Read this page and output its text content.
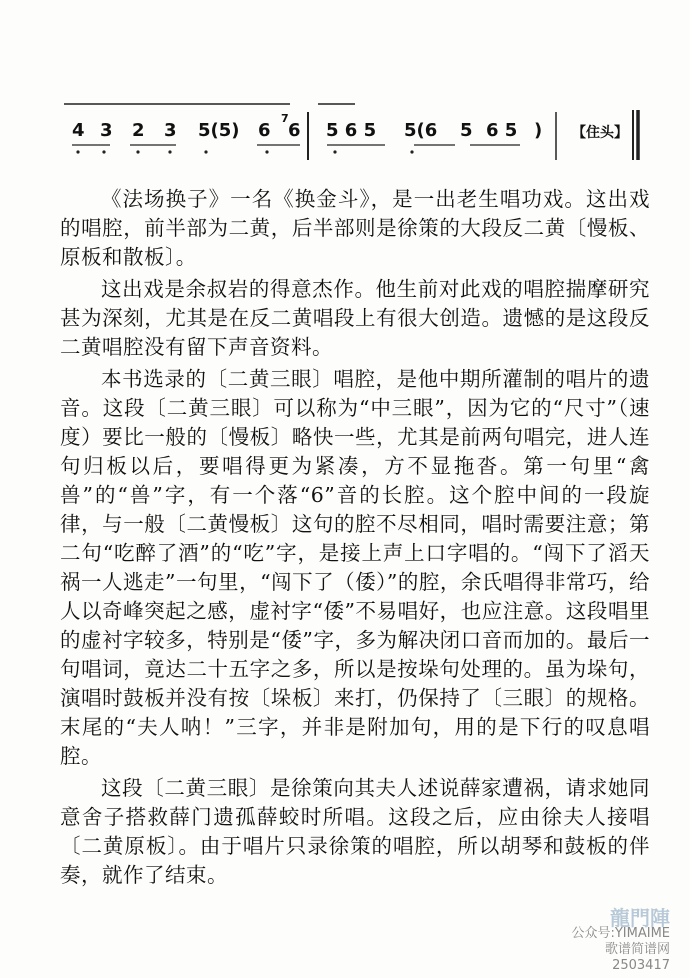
4 3 2 3 5(5) 6
7
6 5 6 5 5(6 5 6 5 ) 【住头】

《法场换子》一名《换金斗》，是一出老生唱功戏。这出戏的唱腔，前半部为二黄，后半部则是徐策的大段反二黄〔慢板、原板和散板〕。

这出戏是余叔岩的得意杰作。他生前对此戏的唱腔揣摩研究甚为深刻，尤其是在反二黄唱段上有很大创造。遗憾的是这段反二黄唱腔没有留下声音资料。

本书选录的〔二黄三眼〕唱腔，是他中期所灌制的唱片的遗音。这段〔二黄三眼〕可以称为“中三眼”，因为它的“尺寸”（速度）要比一般的〔慢板〕略快一些，尤其是前两句唱完，进人连句归板以后，要唱得更为紧凑，方不显拖沓。第一句里“禽兽”的“兽”字，有一个落“6”音的长腔。这个腔中间的一段旋律，与一般〔二黄慢板〕这句的腔不尽相同，唱时需要注意；第二句“吃醉了酒”的“吃”字，是接上声上口字唱的。“闯下了滔天祸一人逃走”一句里，“闯下了（倭）”的腔，余氏唱得非常巧，给人以奇峰突起之感，虚衬字“倭”不易唱好，也应注意。这段唱里的虚衬字较多，特别是“倭”字，多为解决闭口音而加的。最后一句唱词，竟达二十五字之多，所以是按垛句处理的。虽为垛句，演唱时鼓板并没有按〔垛板〕来打，仍保持了〔三眼〕的规格。末尾的“夫人呐！”三字，并非是附加句，用的是下行的叹息唱腔。

这段〔二黄三眼〕是徐策向其夫人述说薛家遭祸，请求她同意舍子搭救薛门遗孤薛蛟时所唱。这段之后，应由徐夫人接唱〔二黄原板〕。由于唱片只录徐策的唱腔，所以胡琴和鼓板的伴奏，就作了结束。

龍門陣
公众号:YIMAIME
歌谱简谱网
2503417
